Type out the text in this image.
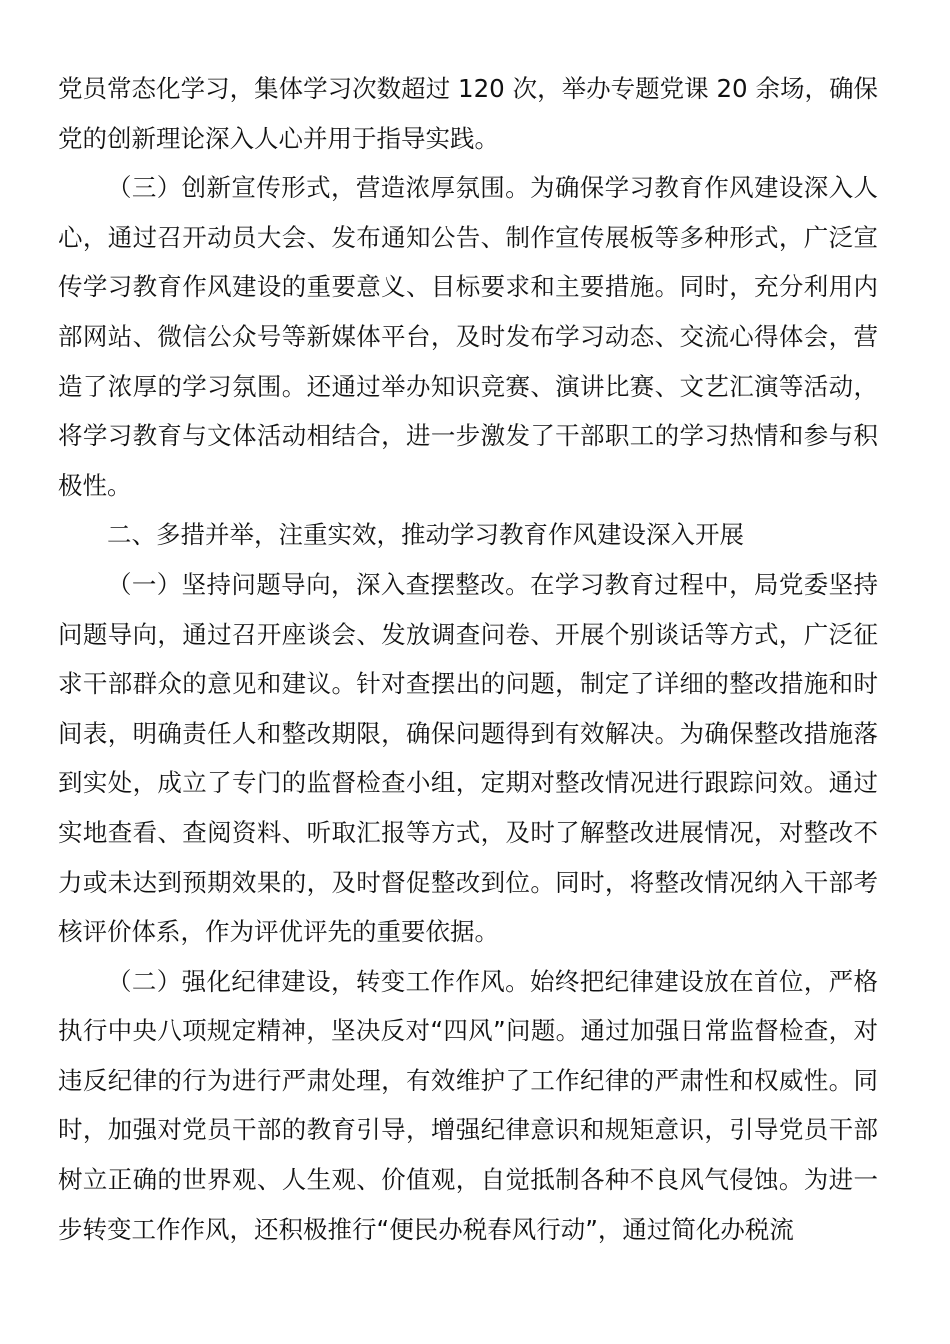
党员常态化学习，集体学习次数超过 120 次，举办专题党课 20 余场，确保党的创新理论深入人心并用于指导实践。

（三）创新宣传形式，营造浓厚氛围。为确保学习教育作风建设深入人心，通过召开动员大会、发布通知公告、制作宣传展板等多种形式，广泛宣传学习教育作风建设的重要意义、目标要求和主要措施。同时，充分利用内部网站、微信公众号等新媒体平台，及时发布学习动态、交流心得体会，营造了浓厚的学习氛围。还通过举办知识竞赛、演讲比赛、文艺汇演等活动，将学习教育与文体活动相结合，进一步激发了干部职工的学习热情和参与积极性。

二、多措并举，注重实效，推动学习教育作风建设深入开展

（一）坚持问题导向，深入查摆整改。在学习教育过程中，局党委坚持问题导向，通过召开座谈会、发放调查问卷、开展个别谈话等方式，广泛征求干部群众的意见和建议。针对查摆出的问题，制定了详细的整改措施和时间表，明确责任人和整改期限，确保问题得到有效解决。为确保整改措施落到实处，成立了专门的监督检查小组，定期对整改情况进行跟踪问效。通过实地查看、查阅资料、听取汇报等方式，及时了解整改进展情况，对整改不力或未达到预期效果的，及时督促整改到位。同时，将整改情况纳入干部考核评价体系，作为评优评先的重要依据。

（二）强化纪律建设，转变工作作风。始终把纪律建设放在首位，严格执行中央八项规定精神，坚决反对“四风”问题。通过加强日常监督检查，对违反纪律的行为进行严肃处理，有效维护了工作纪律的严肃性和权威性。同时，加强对党员干部的教育引导，增强纪律意识和规矩意识，引导党员干部树立正确的世界观、人生观、价值观，自觉抵制各种不良风气侵蚀。为进一步转变工作作风，还积极推行“便民办税春风行动”，通过简化办税流
